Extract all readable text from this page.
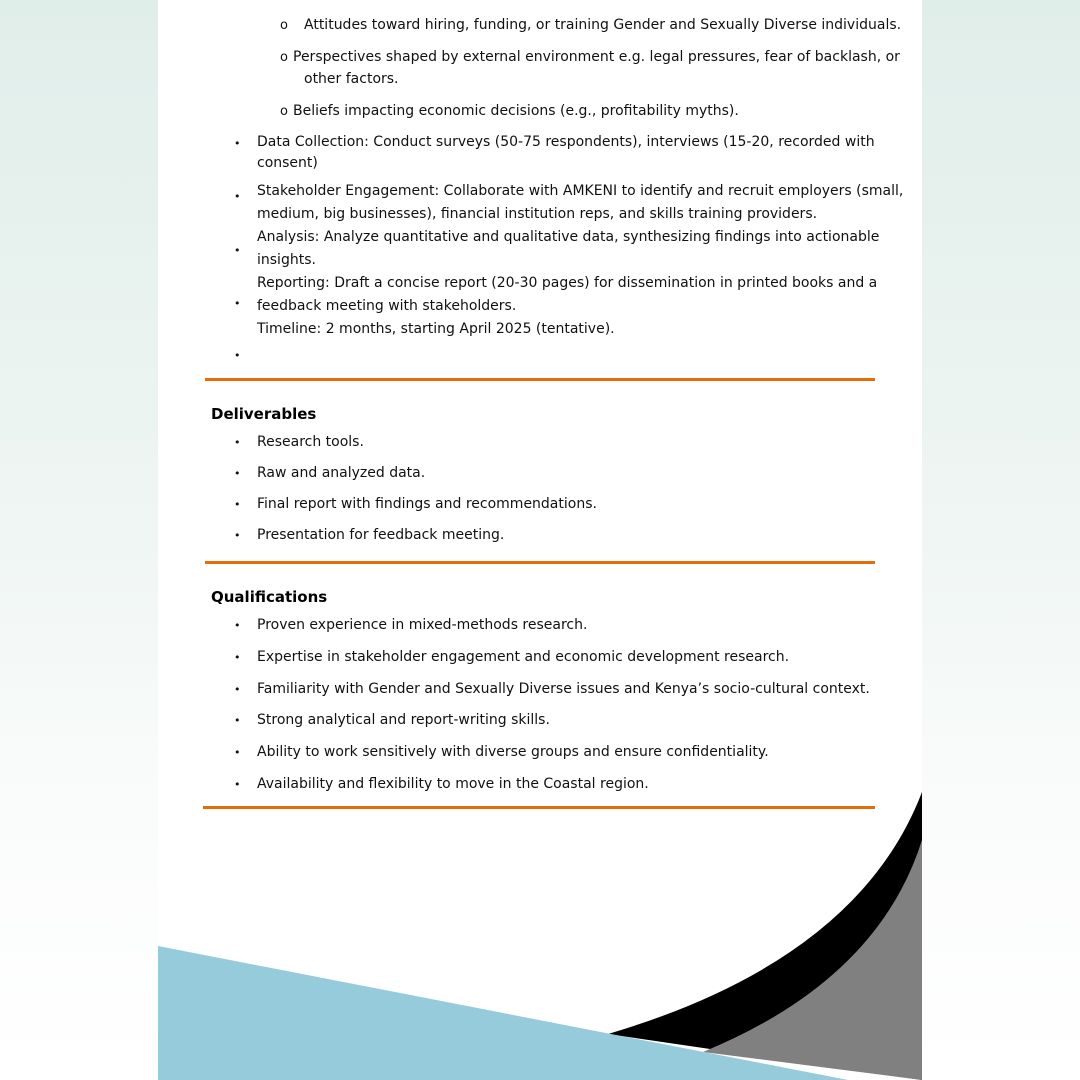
o Attitudes toward hiring, funding, or training Gender and Sexually Diverse individuals.
o Perspectives shaped by external environment e.g. legal pressures, fear of backlash, or
other factors.
o Beliefs impacting economic decisions (e.g., profitability myths).
• Data Collection: Conduct surveys (50-75 respondents), interviews (15-20, recorded with
consent)
• Stakeholder Engagement: Collaborate with AMKENI to identify and recruit employers (small,
medium, big businesses), financial institution reps, and skills training providers.
•
Analysis: Analyze quantitative and qualitative data, synthesizing findings into actionable
insights.
•
Reporting: Draft a concise report (20-30 pages) for dissemination in printed books and a
feedback meeting with stakeholders.
Timeline: 2 months, starting April 2025 (tentative).
•
Deliverables
• Research tools.
• Raw and analyzed data.
• Final report with findings and recommendations.
• Presentation for feedback meeting.
Qualifications
• Proven experience in mixed-methods research.
• Expertise in stakeholder engagement and economic development research.
• Familiarity with Gender and Sexually Diverse issues and Kenya’s socio-cultural context.
• Strong analytical and report-writing skills.
• Ability to work sensitively with diverse groups and ensure confidentiality.
• Availability and flexibility to move in the Coastal region.
